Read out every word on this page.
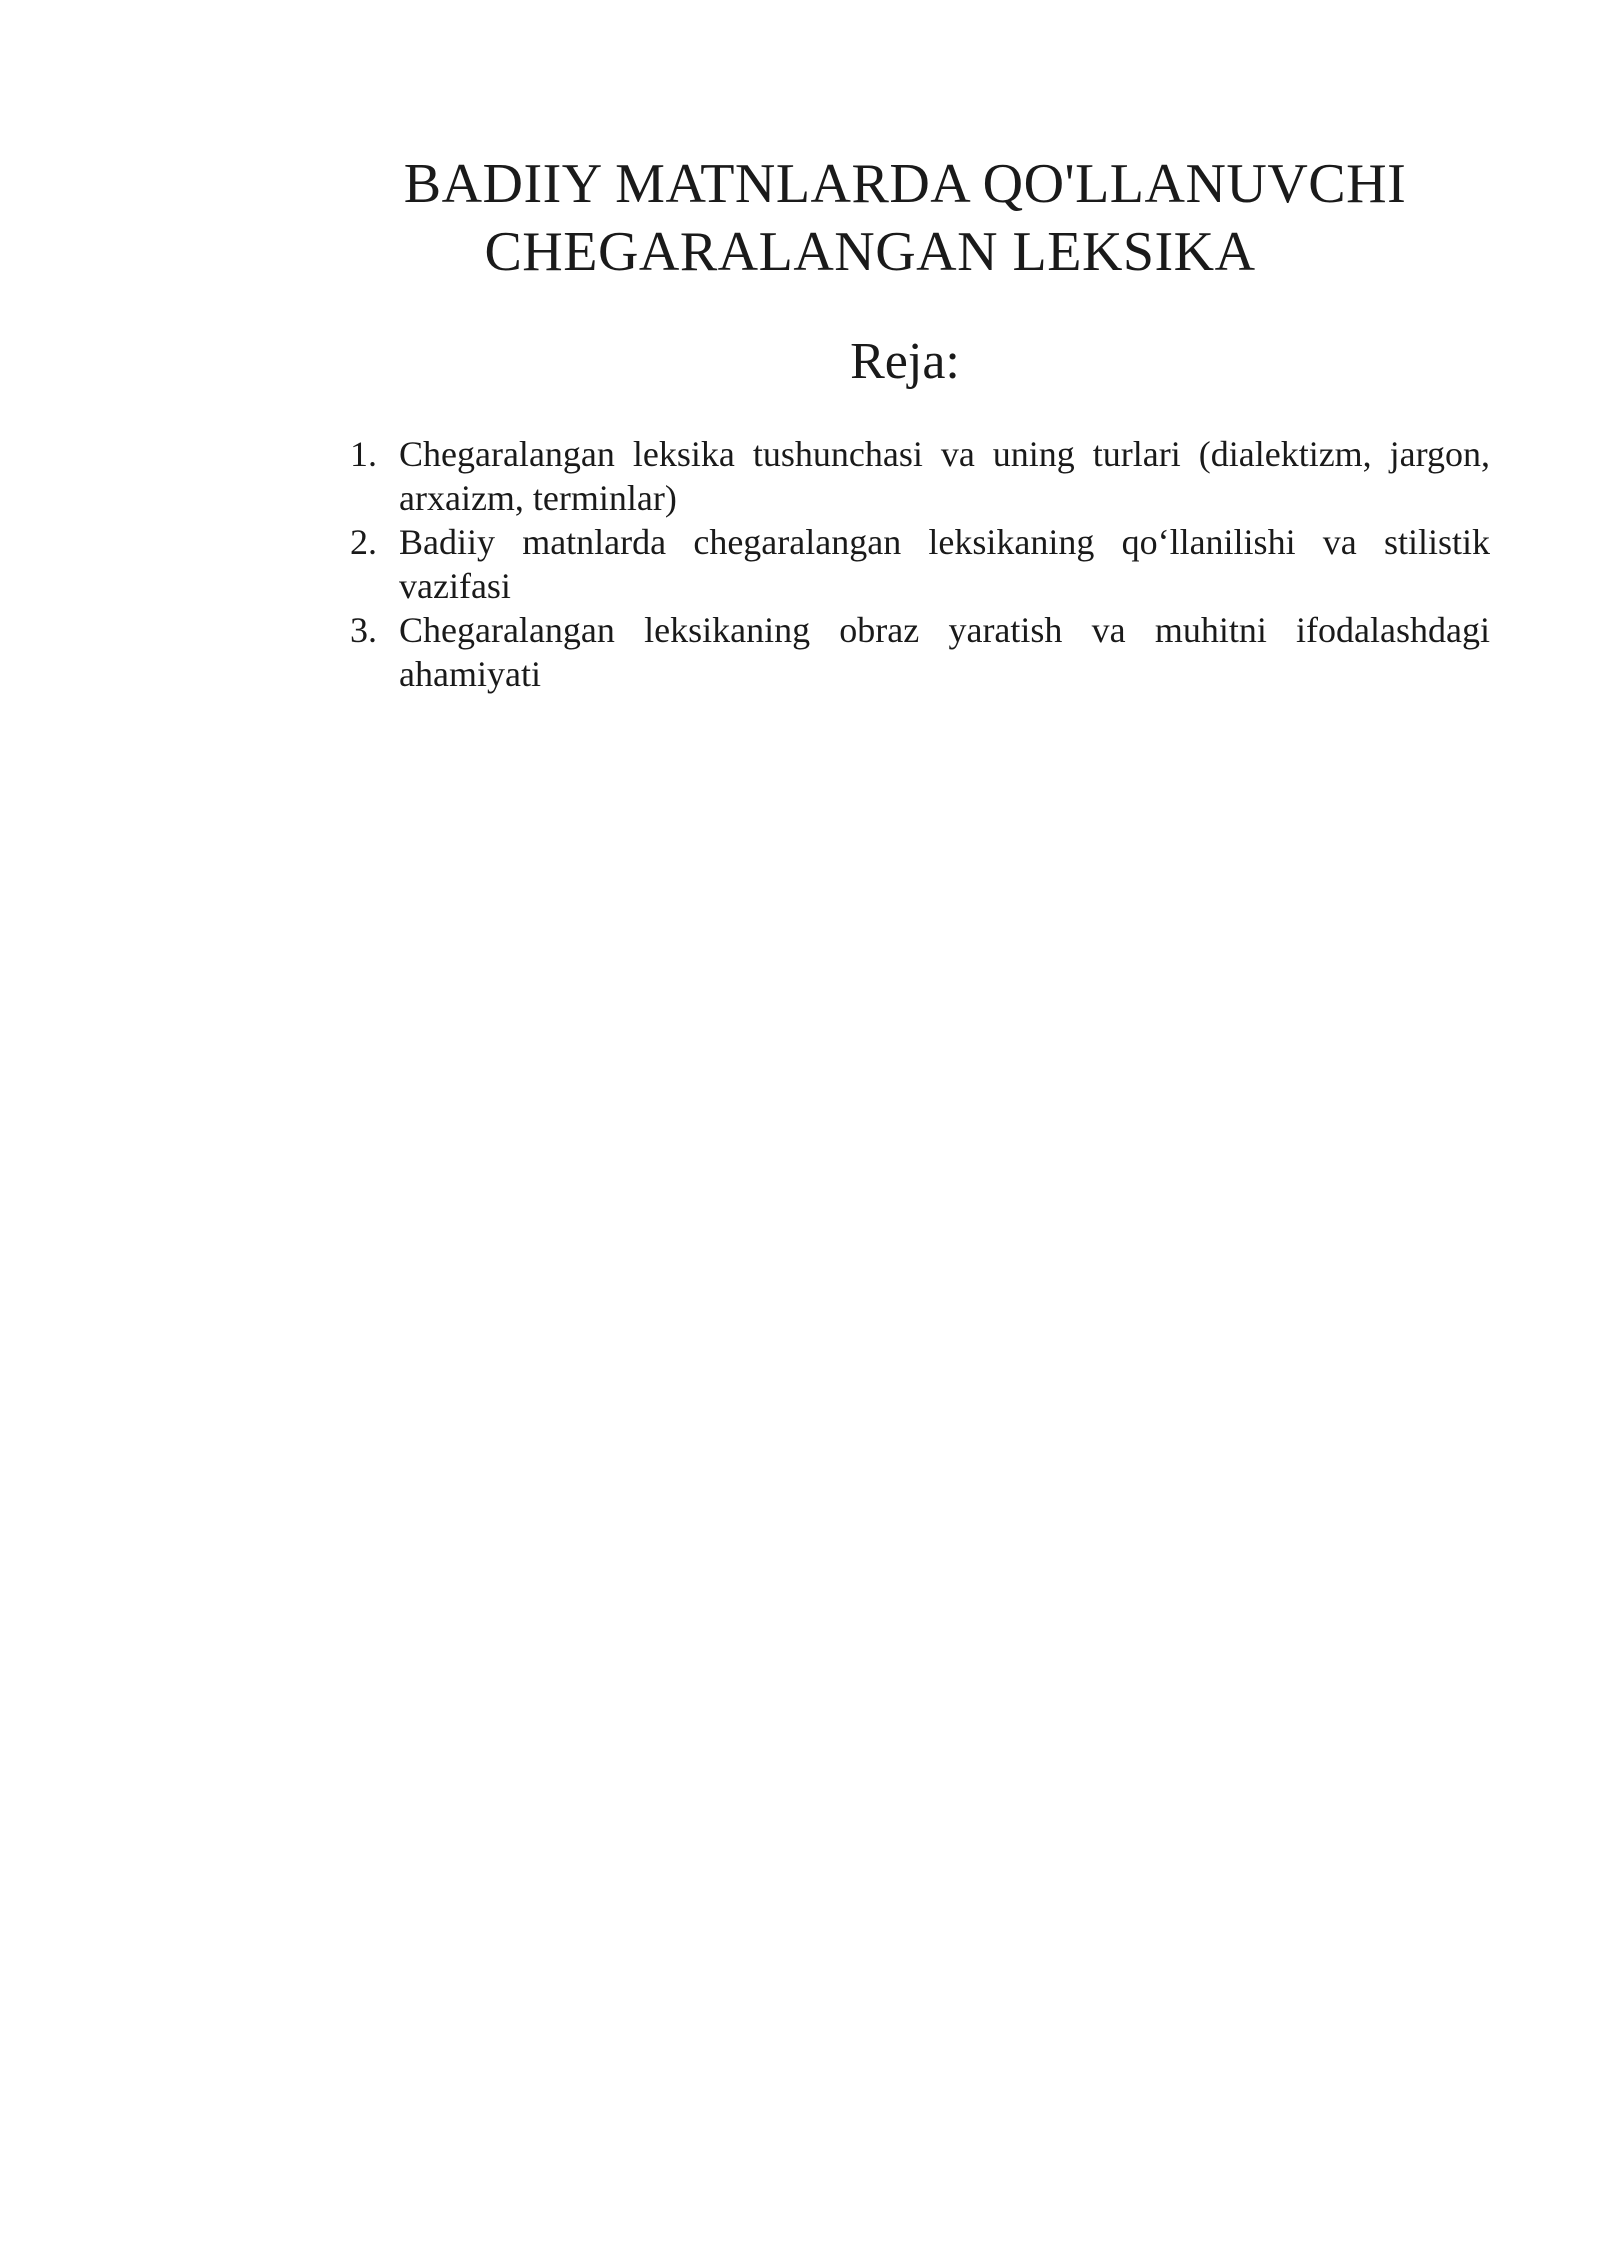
BADIIY MATNLARDA QO'LLANUVCHI
CHEGARALANGAN LEKSIKA
Reja:
1. Chegaralangan leksika tushunchasi va uning turlari (dialektizm, jargon, arxaizm, terminlar)
2. Badiiy matnlarda chegaralangan leksikaning qo‘llanilishi va stilistik vazifasi
3. Chegaralangan leksikaning obraz yaratish va muhitni ifodalashdagi ahamiyati
